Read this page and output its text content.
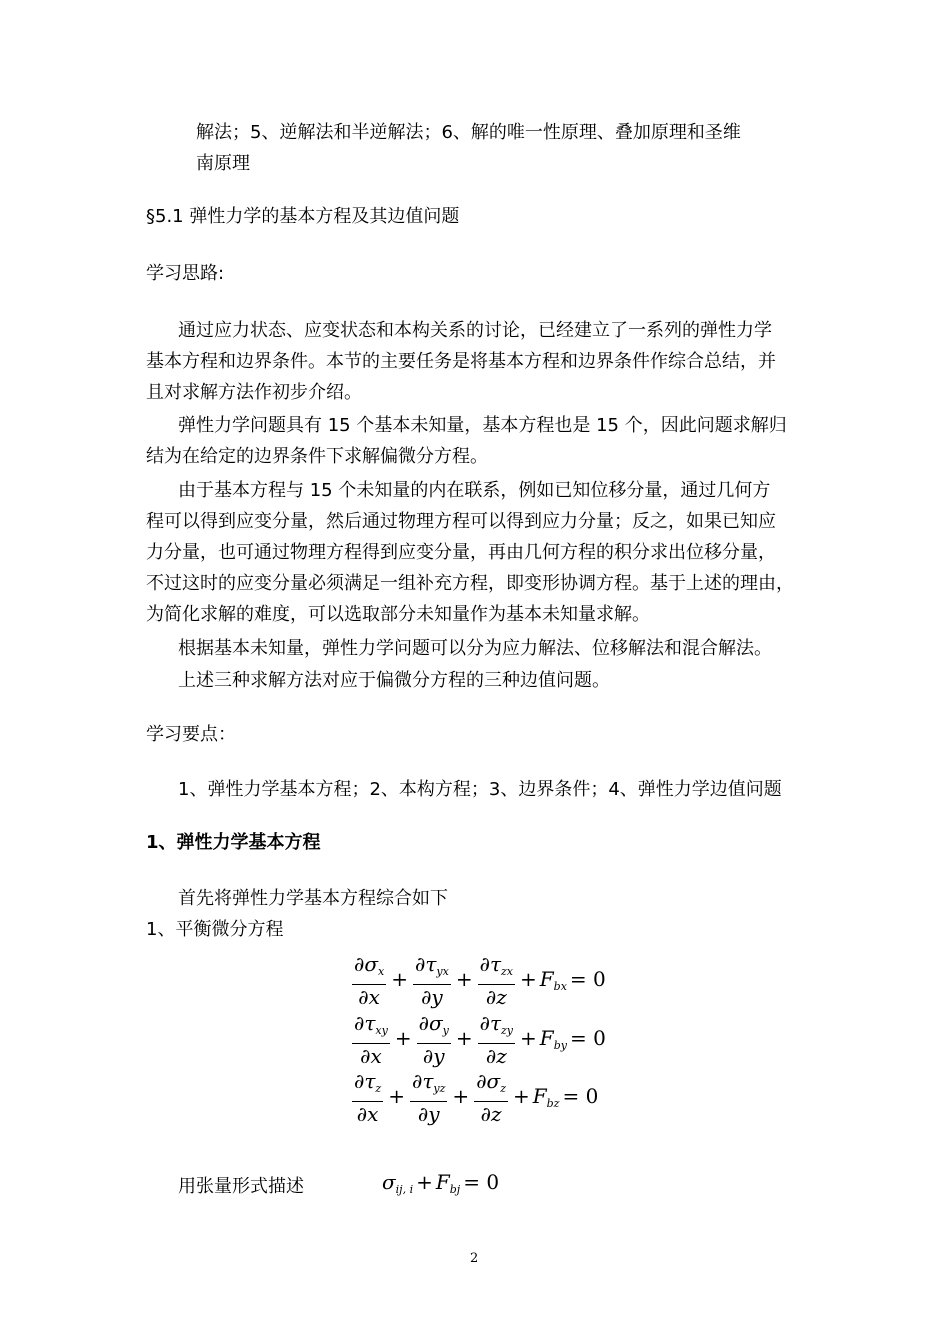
解法；5、逆解法和半逆解法；6、解的唯一性原理、叠加原理和圣维
南原理
§5.1 弹性力学的基本方程及其边值问题
学习思路:
通过应力状态、应变状态和本构关系的讨论，已经建立了一系列的弹性力学
基本方程和边界条件。本节的主要任务是将基本方程和边界条件作综合总结，并
且对求解方法作初步介绍。
弹性力学问题具有 15 个基本未知量，基本方程也是 15 个，因此问题求解归
结为在给定的边界条件下求解偏微分方程。
由于基本方程与 15 个未知量的内在联系，例如已知位移分量，通过几何方
程可以得到应变分量，然后通过物理方程可以得到应力分量；反之，如果已知应
力分量，也可通过物理方程得到应变分量，再由几何方程的积分求出位移分量，
不过这时的应变分量必须满足一组补充方程，即变形协调方程。基于上述的理由，
为简化求解的难度，可以选取部分未知量作为基本未知量求解。
根据基本未知量，弹性力学问题可以分为应力解法、位移解法和混合解法。
上述三种求解方法对应于偏微分方程的三种边值问题。
学习要点：
1、弹性力学基本方程；2、本构方程；3、边界条件；4、弹性力学边值问题
1、弹性力学基本方程
首先将弹性力学基本方程综合如下
1、平衡微分方程
$\frac{\partial\sigma_x}{\partial x} + \frac{\partial\tau_{yx}}{\partial y} + \frac{\partial\tau_{zx}}{\partial z} + F_{bx} = 0$
$\frac{\partial\tau_{xy}}{\partial x} + \frac{\partial\sigma_y}{\partial y} + \frac{\partial\tau_{zy}}{\partial z} + F_{by} = 0$
$\frac{\partial\tau_z}{\partial x} + \frac{\partial\tau_{yz}}{\partial y} + \frac{\partial\sigma_z}{\partial z} + F_{bz} = 0$
用张量形式描述	$\sigma_{ij, i} + F_{bj} = 0$
2
